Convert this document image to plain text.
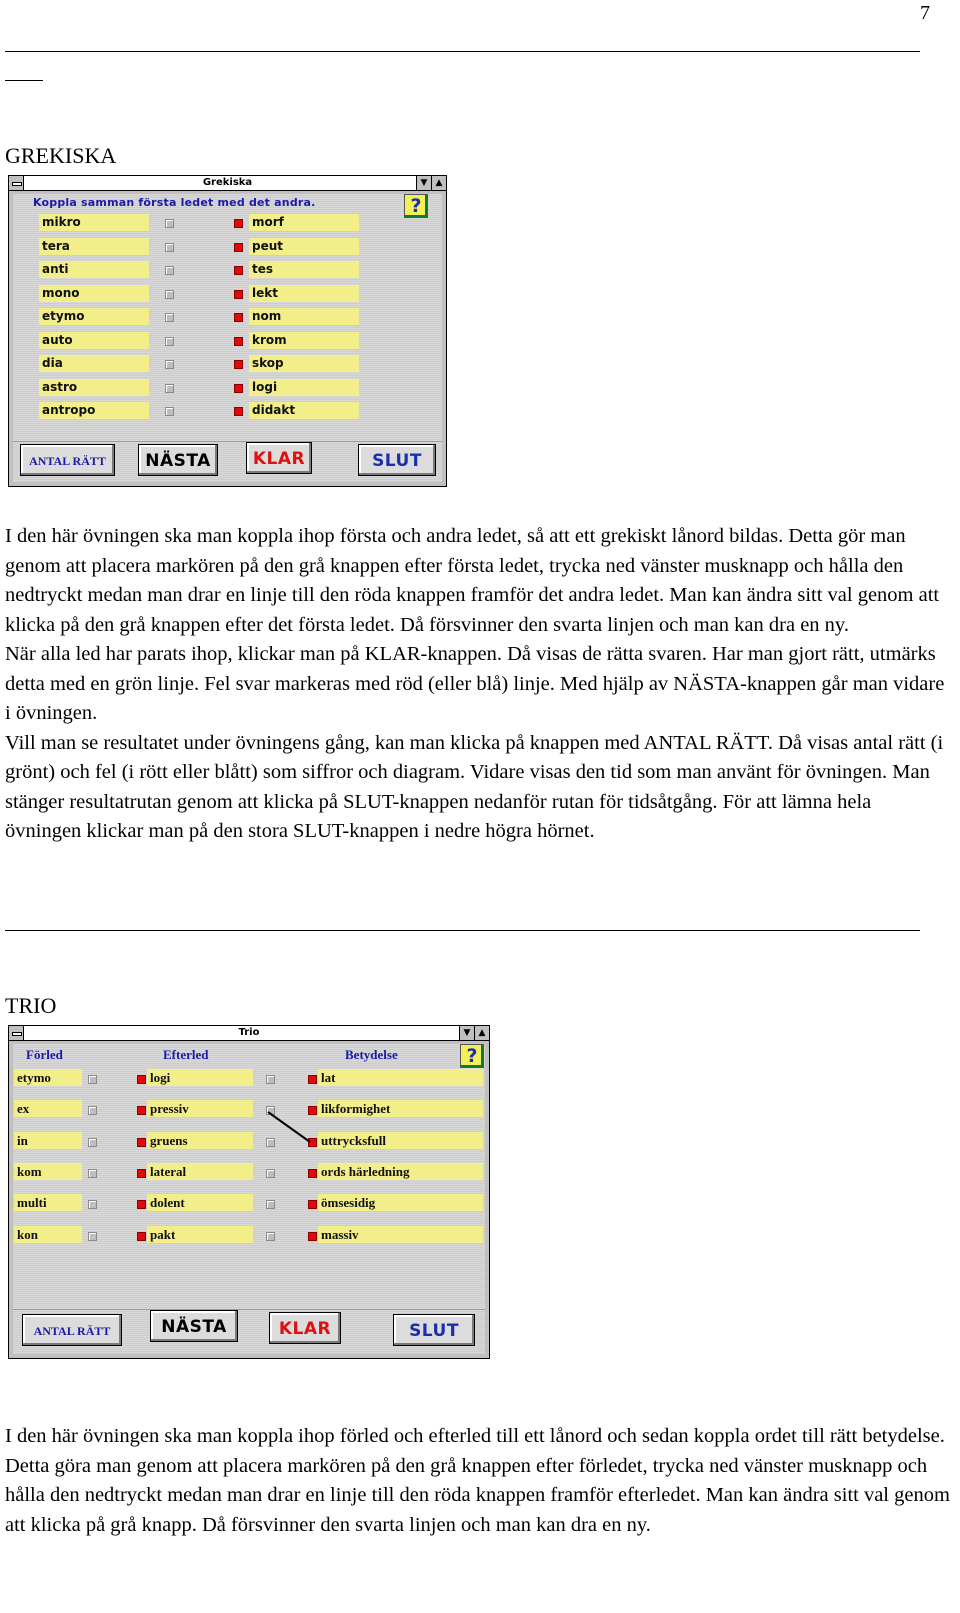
7
GREKISKA
Grekiska	▼ ▲
Koppla samman första ledet med det andra.	?
mikro	morf
tera	peut
anti	tes
mono	lekt
etymo	nom
auto	krom
dia	skop
astro	logi
antropo	didakt
ANTAL RÄTT	NÄSTA	KLAR	SLUT

I den här övningen ska man koppla ihop första och andra ledet, så att ett grekiskt lånord bildas. Detta gör man genom att placera markören på den grå knappen efter första ledet, trycka ned vänster musknapp och hålla den nedtryckt medan man drar en linje till den röda knappen framför det andra ledet. Man kan ändra sitt val genom att klicka på den grå knappen efter det första ledet. Då försvinner den svarta linjen och man kan dra en ny.

När alla led har parats ihop, klickar man på KLAR-knappen. Då visas de rätta svaren. Har man gjort rätt, utmärks detta med en grön linje. Fel svar markeras med röd (eller blå) linje. Med hjälp av NÄSTA-knappen går man vidare i övningen.

Vill man se resultatet under övningens gång, kan man klicka på knappen med ANTAL RÄTT. Då visas antal rätt (i grönt) och fel (i rött eller blått) som siffror och diagram. Vidare visas den tid som man använt för övningen. Man stänger resultatrutan genom att klicka på SLUT-knappen nedanför rutan för tidsåtgång. För att lämna hela övningen klickar man på den stora SLUT-knappen i nedre högra hörnet.

TRIO
Trio	▼ ▲
Förled	Efterled	Betydelse	?
etymo	logi	lat
ex	pressiv	likformighet
in	gruens	uttrycksfull
kom	lateral	ords härledning
multi	dolent	ömsesidig
kon	pakt	massiv
ANTAL RÄTT	NÄSTA	KLAR	SLUT

I den här övningen ska man koppla ihop förled och efterled till ett lånord och sedan koppla ordet till rätt betydelse. Detta göra man genom att placera markören på den grå knappen efter förledet, trycka ned vänster musknapp och hålla den nedtryckt medan man drar en linje till den röda knappen framför efterledet. Man kan ändra sitt val genom att klicka på grå knapp. Då försvinner den svarta linjen och man kan dra en ny.
